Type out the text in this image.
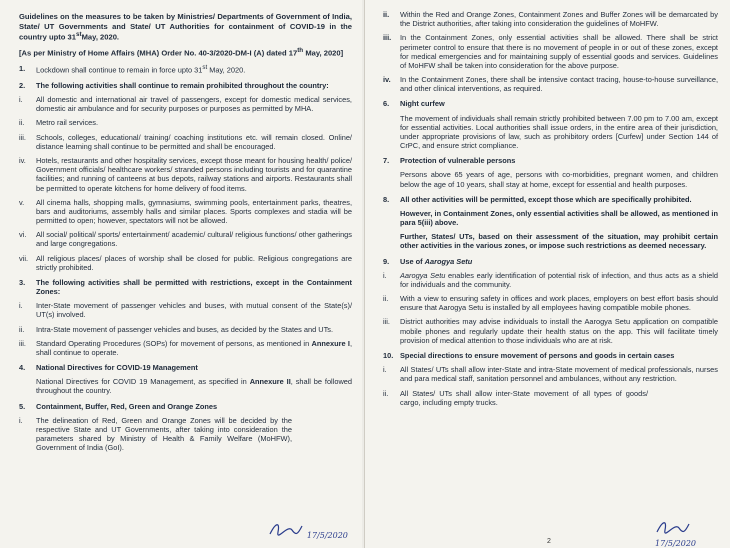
Guidelines on the measures to be taken by Ministries/ Departments of Government of India, State/ UT Governments and State/ UT Authorities for containment of COVID-19 in the country upto 31stMay, 2020.

[As per Ministry of Home Affairs (MHA) Order No. 40-3/2020-DM-I (A) dated 17th May, 2020]

1.	Lockdown shall continue to remain in force upto 31st May, 2020.

2.	The following activities shall continue to remain prohibited throughout the country:

i.	All domestic and international air travel of passengers, except for domestic medical services, domestic air ambulance and for security purposes or purposes as permitted by MHA.

ii.	Metro rail services.

iii.	Schools, colleges, educational/ training/ coaching institutions etc. will remain closed. Online/ distance learning shall continue to be permitted and shall be encouraged.

iv.	Hotels, restaurants and other hospitality services, except those meant for housing health/ police/ Government officials/ healthcare workers/ stranded persons including tourists and for quarantine facilities; and running of canteens at bus depots, railway stations and airports. Restaurants shall be permitted to operate kitchens for home delivery of food items.

v.	All cinema halls, shopping malls, gymnasiums, swimming pools, entertainment parks, theatres, bars and auditoriums, assembly halls and similar places. Sports complexes and stadia will be permitted to open; however, spectators will not be allowed.

vi.	All social/ political/ sports/ entertainment/ academic/ cultural/ religious functions/ other gatherings and large congregations.

vii.	All religious places/ places of worship shall be closed for public. Religious congregations are strictly prohibited.

3.	The following activities shall be permitted with restrictions, except in the Containment Zones:

i.	Inter-State movement of passenger vehicles and buses, with mutual consent of the State(s)/ UT(s) involved.

ii.	Intra-State movement of passenger vehicles and buses, as decided by the States and UTs.

iii.	Standard Operating Procedures (SOPs) for movement of persons, as mentioned in Annexure I, shall continue to operate.

4.	National Directives for COVID-19 Management

National Directives for COVID 19 Management, as specified in Annexure II, shall be followed throughout the country.

5.	Containment, Buffer, Red, Green and Orange Zones

i.	The delineation of Red, Green and Orange Zones will be decided by the respective State and UT Governments, after taking into consideration the parameters shared by Ministry of Health & Family Welfare (MoHFW), Government of India (GoI).

17/5/2020
ii.	Within the Red and Orange Zones, Containment Zones and Buffer Zones will be demarcated by the District authorities, after taking into consideration the guidelines of MoHFW.

iii.	In the Containment Zones, only essential activities shall be allowed. There shall be strict perimeter control to ensure that there is no movement of people in or out of these zones, except for medical emergencies and for maintaining supply of essential goods and services. Guidelines of MoHFW shall be taken into consideration for the above purpose.

iv.	In the Containment Zones, there shall be intensive contact tracing, house-to-house surveillance, and other clinical interventions, as required.

6.	Night curfew

The movement of individuals shall remain strictly prohibited between 7.00 pm to 7.00 am, except for essential activities. Local authorities shall issue orders, in the entire area of their jurisdiction, under appropriate provisions of law, such as prohibitory orders [Curfew] under Section 144 of CrPC, and ensure strict compliance.

7.	Protection of vulnerable persons

Persons above 65 years of age, persons with co-morbidities, pregnant women, and children below the age of 10 years, shall stay at home, except for essential and health purposes.

8.	All other activities will be permitted, except those which are specifically prohibited.

However, in Containment Zones, only essential activities shall be allowed, as mentioned in para 5(iii) above.

Further, States/ UTs, based on their assessment of the situation, may prohibit certain other activities in the various zones, or impose such restrictions as deemed necessary.

9.	Use of Aarogya Setu

i.	Aarogya Setu enables early identification of potential risk of infection, and thus acts as a shield for individuals and the community.

ii.	With a view to ensuring safety in offices and work places, employers on best effort basis should ensure that Aarogya Setu is installed by all employees having compatible mobile phones.

iii.	District authorities may advise individuals to install the Aarogya Setu application on compatible mobile phones and regularly update their health status on the app. This will facilitate timely provision of medical attention to those individuals who are at risk.

10. Special directions to ensure movement of persons and goods in certain cases

i.	All States/ UTs shall allow inter-State and intra-State movement of medical professionals, nurses and para medical staff, sanitation personnel and ambulances, without any restriction.

ii.	All States/ UTs shall allow inter-State movement of all types of goods/ cargo, including empty trucks.

2	17/5/2020
